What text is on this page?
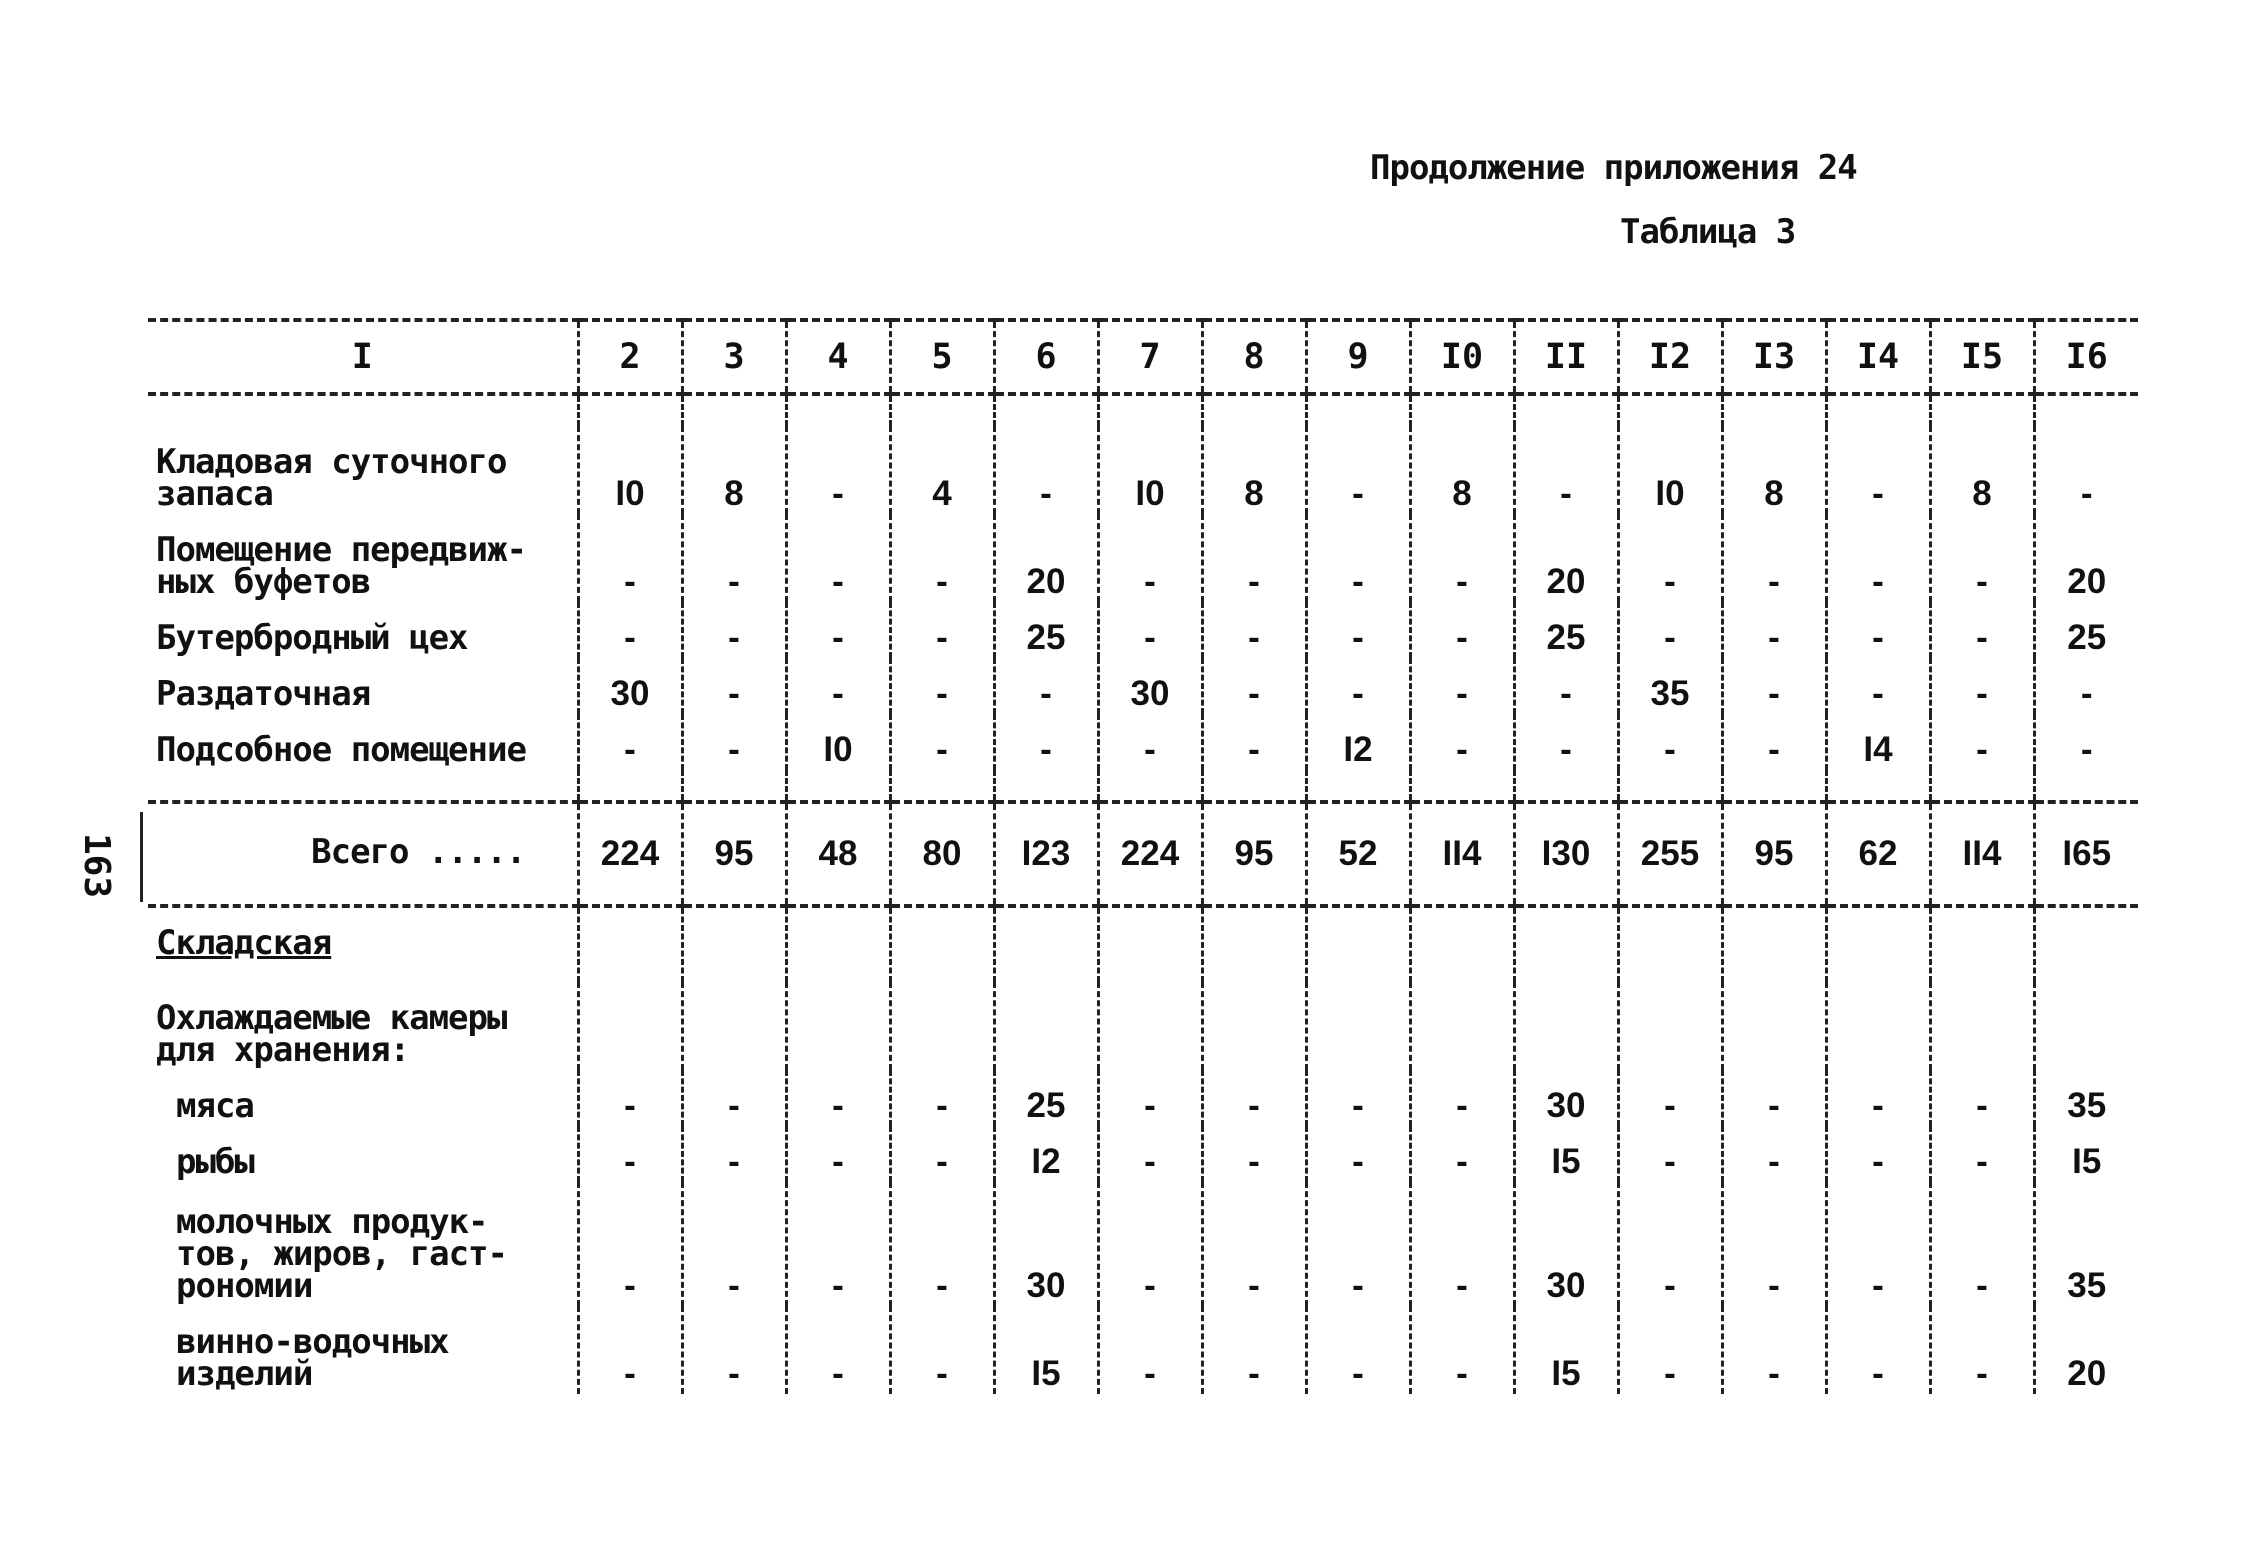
Продолжение приложения 24
Таблица 3
163
I	2	3	4	5	6	7	8	9	I0	II	I2	I3	I4	I5	I6

Кладовая суточного
запаса	I0	8	-	4	-	I0	8	-	8	-	I0	8	-	8	-
Помещение передвиж-
ных буфетов	-	-	-	-	20	-	-	-	-	20	-	-	-	-	20
Бутербродный цех	-	-	-	-	25	-	-	-	-	25	-	-	-	-	25
Раздаточная	30	-	-	-	-	30	-	-	-	-	35	-	-	-	-
Подсобное помещение	-	-	I0	-	-	-	-	I2	-	-	-	-	I4	-	-

Всего .....	224	95	48	80	I23	224	95	52	II4	I30	255	95	62	II4	I65
Складская															
Охлаждаемые камеры
для хранения:															
мяса	-	-	-	-	25	-	-	-	-	30	-	-	-	-	35
рыбы	-	-	-	-	I2	-	-	-	-	I5	-	-	-	-	I5
молочных продук-
тов, жиров, гаст-
рономии	-	-	-	-	30	-	-	-	-	30	-	-	-	-	35
винно-водочных
изделий	-	-	-	-	I5	-	-	-	-	I5	-	-	-	-	20
